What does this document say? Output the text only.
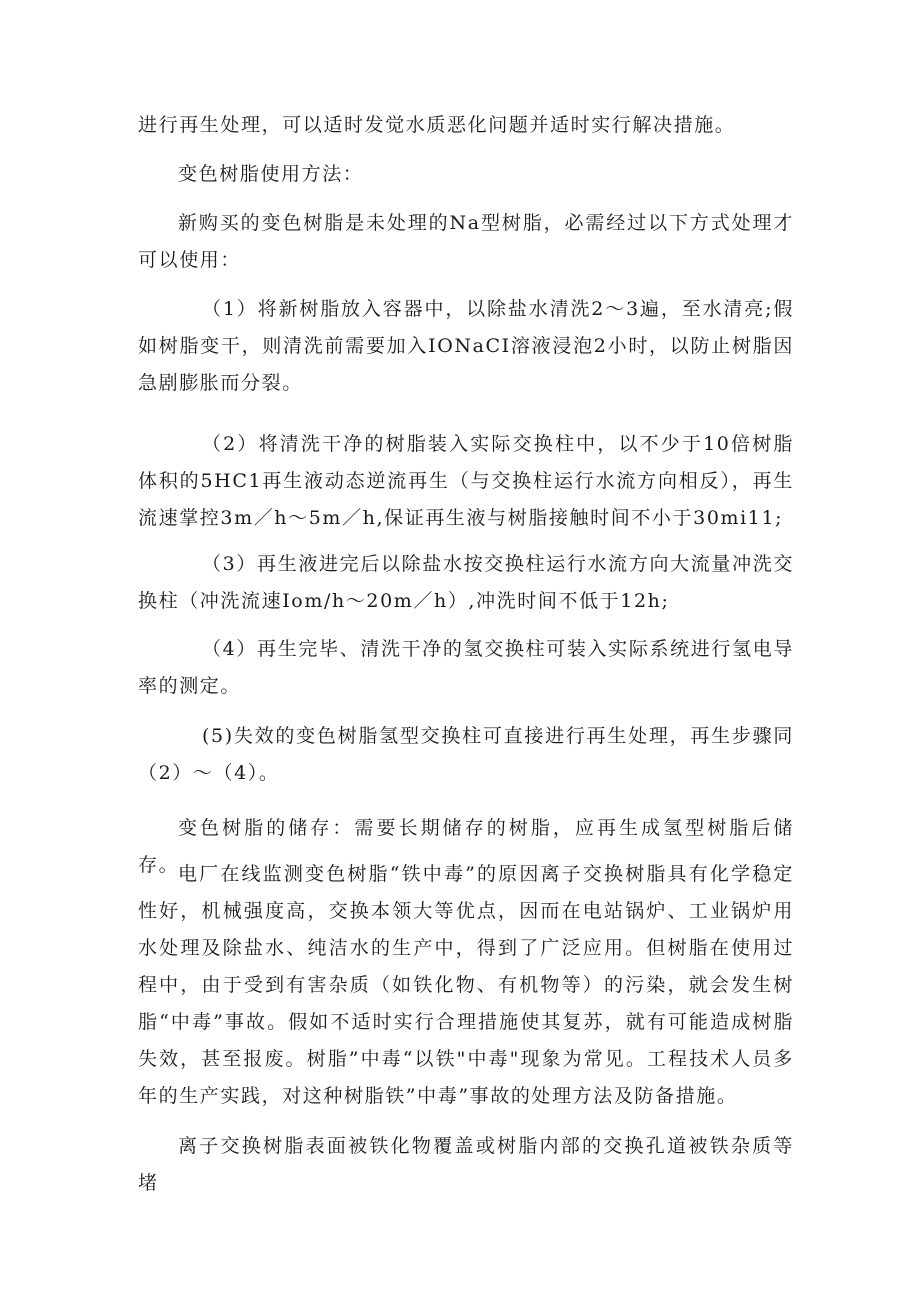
进行再生处理，可以适时发觉水质恶化问题并适时实行解决措施。
变色树脂使用方法：
新购买的变色树脂是未处理的Na型树脂，必需经过以下方式处理才可以使用：
（1）将新树脂放入容器中，以除盐水清洗2～3遍，至水清亮;假如树脂变干，则清洗前需要加入IONaCI溶液浸泡2小时，以防止树脂因急剧膨胀而分裂。
（2）将清洗干净的树脂装入实际交换柱中，以不少于10倍树脂体积的5HC1再生液动态逆流再生（与交换柱运行水流方向相反），再生流速掌控3m／h～5m／h,保证再生液与树脂接触时间不小于30mi11;
（3）再生液进完后以除盐水按交换柱运行水流方向大流量冲洗交换柱（冲洗流速Iom/h～20m／h）,冲洗时间不低于12h;
（4）再生完毕、清洗干净的氢交换柱可装入实际系统进行氢电导率的测定。
(5)失效的变色树脂氢型交换柱可直接进行再生处理，再生步骤同（2）～（4）。
变色树脂的储存：需要长期储存的树脂，应再生成氢型树脂后储存。
电厂在线监测变色树脂“铁中毒”的原因离子交换树脂具有化学稳定性好，机械强度高，交换本领大等优点，因而在电站锅炉、工业锅炉用水处理及除盐水、纯洁水的生产中，得到了广泛应用。但树脂在使用过程中，由于受到有害杂质（如铁化物、有机物等）的污染，就会发生树脂“中毒”事故。假如不适时实行合理措施使其复苏，就有可能造成树脂失效，甚至报废。树脂”中毒“以铁"中毒"现象为常见。工程技术人员多年的生产实践，对这种树脂铁”中毒”事故的处理方法及防备措施。
离子交换树脂表面被铁化物覆盖或树脂内部的交换孔道被铁杂质等堵
